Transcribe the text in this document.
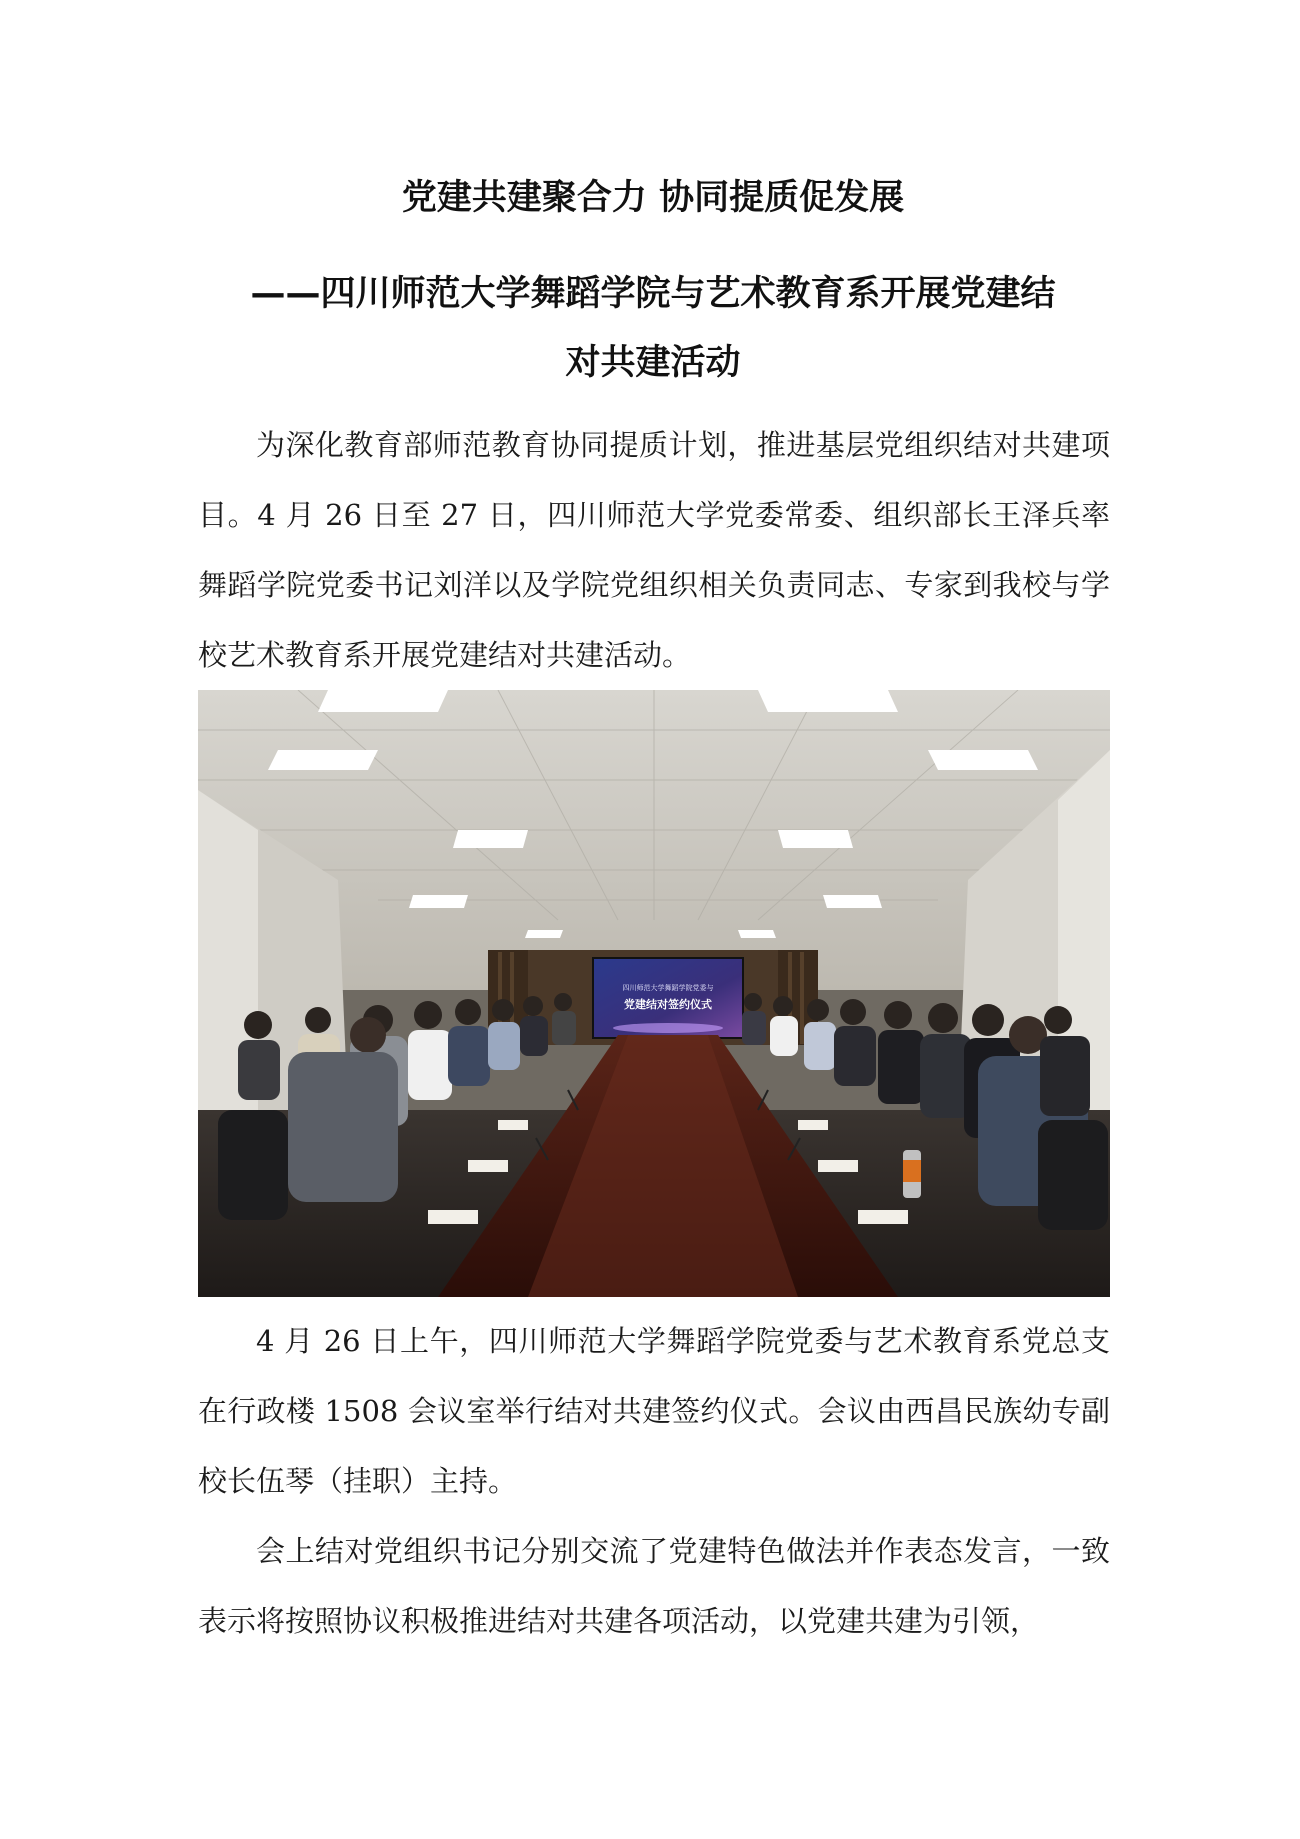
党建共建聚合力 协同提质促发展
——四川师范大学舞蹈学院与艺术教育系开展党建结
对共建活动

为深化教育部师范教育协同提质计划，推进基层党组织结对共建项目。4 月 26 日至 27 日，四川师范大学党委常委、组织部长王泽兵率舞蹈学院党委书记刘洋以及学院党组织相关负责同志、专家到我校与学校艺术教育系开展党建结对共建活动。

四川师范大学舞蹈学院党委与
党建结对签约仪式

4 月 26 日上午，四川师范大学舞蹈学院党委与艺术教育系党总支在行政楼 1508 会议室举行结对共建签约仪式。会议由西昌民族幼专副校长伍琴（挂职）主持。

会上结对党组织书记分别交流了党建特色做法并作表态发言，一致表示将按照协议积极推进结对共建各项活动，以党建共建为引领，
